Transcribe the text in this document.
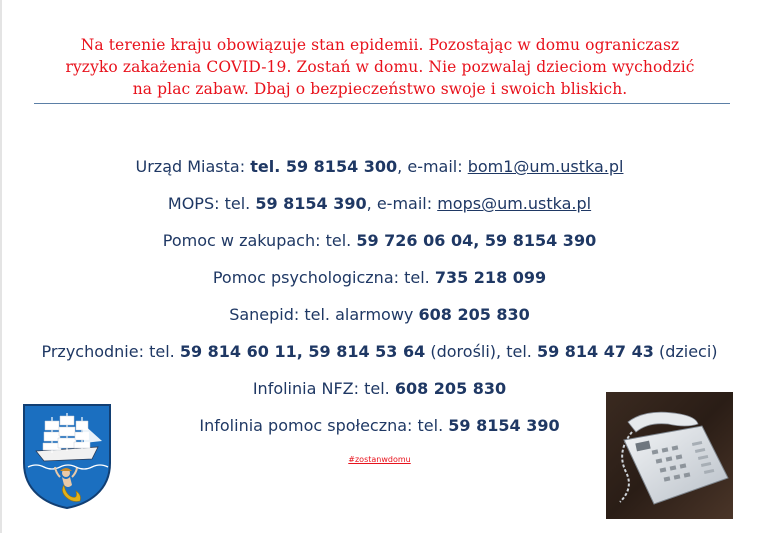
Na terenie kraju obowiązuje stan epidemii. Pozostając w domu ograniczasz
ryzyko zakażenia COVID-19. Zostań w domu. Nie pozwalaj dzieciom wychodzić
na plac zabaw. Dbaj o bezpieczeństwo swoje i swoich bliskich.
Urząd Miasta: tel. 59 8154 300, e-mail: bom1@um.ustka.pl
MOPS: tel. 59 8154 390, e-mail: mops@um.ustka.pl
Pomoc w zakupach: tel. 59 726 06 04, 59 8154 390
Pomoc psychologiczna: tel. 735 218 099
Sanepid: tel. alarmowy 608 205 830
Przychodnie: tel. 59 814 60 11, 59 814 53 64 (dorośli), tel. 59 814 47 43 (dzieci)
Infolinia NFZ: tel. 608 205 830
Infolinia pomoc społeczna: tel. 59 8154 390
#zostanwdomu
